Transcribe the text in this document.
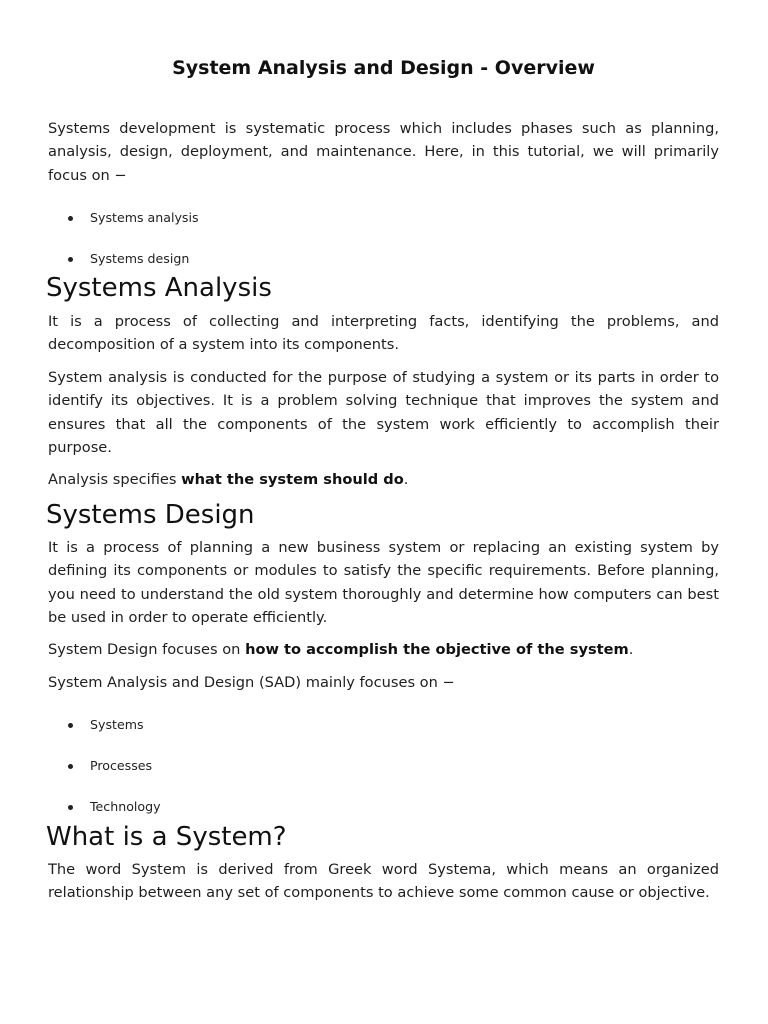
System Analysis and Design - Overview

Systems development is systematic process which includes phases such as planning, analysis, design, deployment, and maintenance. Here, in this tutorial, we will primarily focus on −

Systems analysis
Systems design
Systems Analysis

It is a process of collecting and interpreting facts, identifying the problems, and decomposition of a system into its components.

System analysis is conducted for the purpose of studying a system or its parts in order to identify its objectives. It is a problem solving technique that improves the system and ensures that all the components of the system work efficiently to accomplish their purpose.

Analysis specifies what the system should do.

Systems Design

It is a process of planning a new business system or replacing an existing system by defining its components or modules to satisfy the specific requirements. Before planning, you need to understand the old system thoroughly and determine how computers can best be used in order to operate efficiently.

System Design focuses on how to accomplish the objective of the system.

System Analysis and Design (SAD) mainly focuses on −

Systems
Processes
Technology
What is a System?

The word System is derived from Greek word Systema, which means an organized relationship between any set of components to achieve some common cause or objective.
